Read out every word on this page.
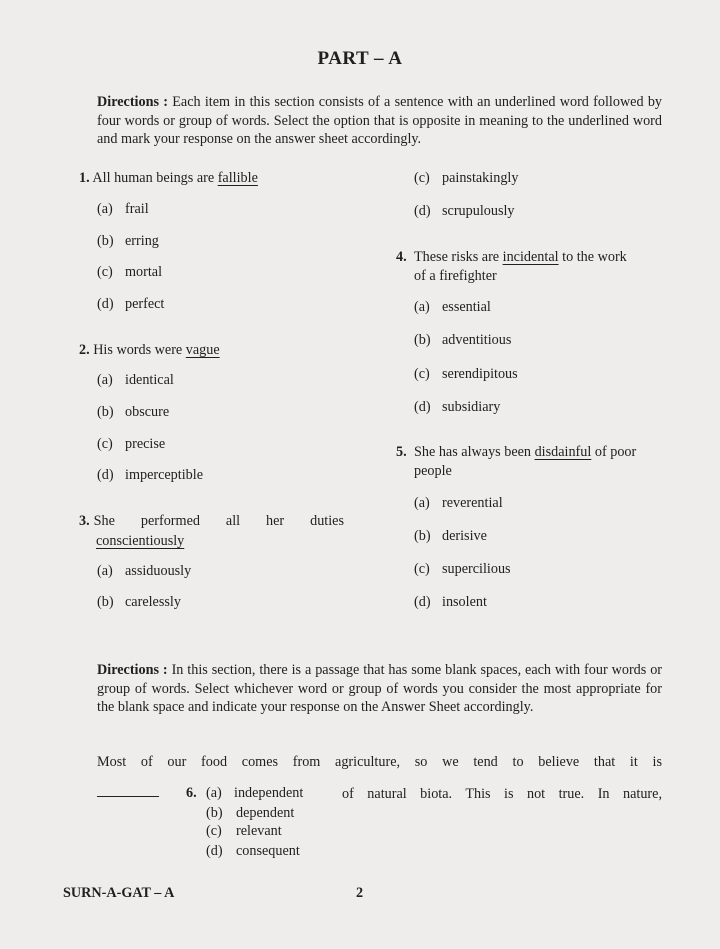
PART – A
Directions : Each item in this section consists of a sentence with an underlined word followed by four words or group of words. Select the option that is opposite in meaning to the underlined word and mark your response on the answer sheet accordingly.
1. All human beings are fallible
(a) frail
(b) erring
(c) mortal
(d) perfect
2. His words were vague
(a) identical
(b) obscure
(c) precise
(d) imperceptible
3. She performed all her duties
conscientiously
(a) assiduously
(b) carelessly
(c) painstakingly
(d) scrupulously
4. These risks are incidental to the work
of a firefighter
(a) essential
(b) adventitious
(c) serendipitous
(d) subsidiary
5. She has always been disdainful of poor
people
(a) reverential
(b) derisive
(c) supercilious
(d) insolent
Directions : In this section, there is a passage that has some blank spaces, each with four words or group of words. Select whichever word or group of words you consider the most appropriate for the blank space and indicate your response on the Answer Sheet accordingly.
Most of our food comes from agriculture, so we tend to believe that it is
6. (a) independent
(b) dependent
(c) relevant
(d) consequent
of natural biota. This is not true. In nature,
SURN-A-GAT – A	2
